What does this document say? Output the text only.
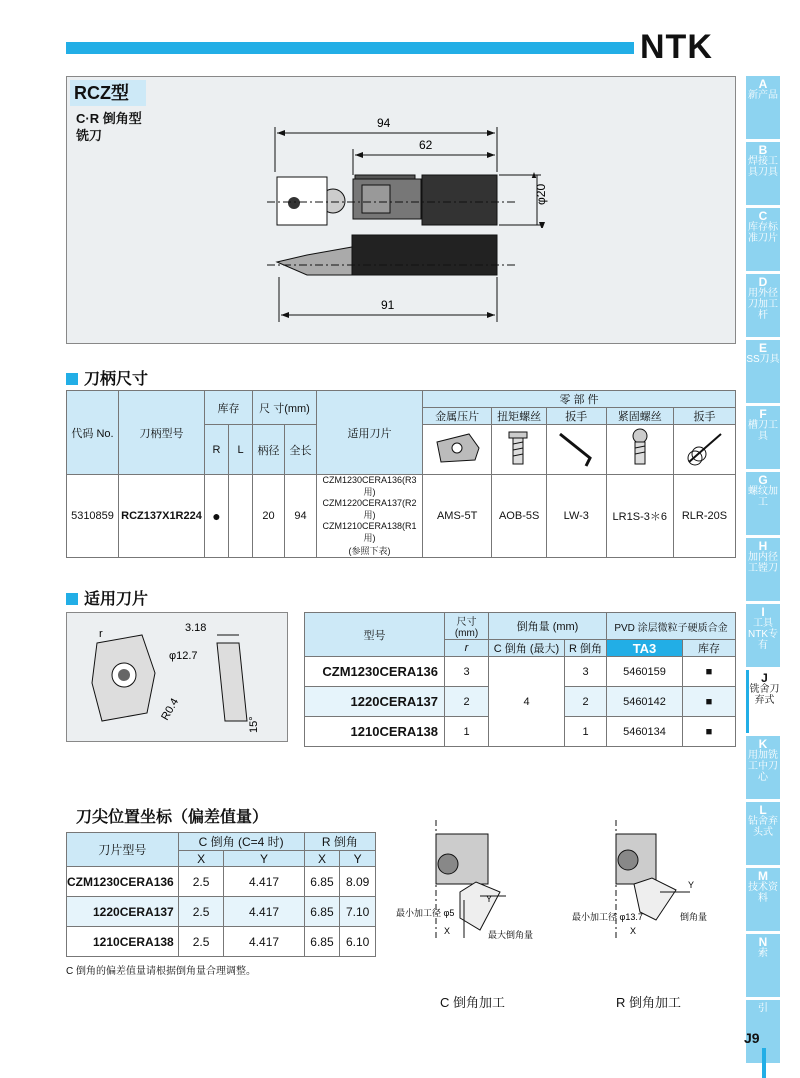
NTK
A
新产品
B
焊接工具刀具
C
库存标准刀片
D
用外径刀加工杆
E
SS刀具
F
槽刀工具
G
螺纹加工
H
加内径工镗刀
I
工具NTK专有
J
铣舍刀弃式
K
用加铣工中刀心
L
钻舍弃头式
M
技术资料
N
索
引
J9
94
62
φ20
91
RCZ型
C·R 倒角型
铣刀
刀柄尺寸
代码 No.	刀柄型号	库存		尺 寸(mm)		适用刀片	零 部 件				
							金属压片	扭矩螺丝	扳手	紧固螺丝	扳手
		R	L	柄径	全长					
5310859	RCZ137X1R224	●		20	94	CZM1230CERA136(R3用)
CZM1220CERA137(R2用)
CZM1210CERA138(R1用)
(参照下表)	AMS-5T	AOB-5S	LW-3	LR1S-3＊6	RLR-20S
适用刀片
3.18
φ12.7
R0.4
15°
r	型号	尺寸(mm)	倒角量 (mm)		PVD 涂层微粒子硬质合金	
	r	C 倒角 (最大)	R 倒角	TA3	库存
CZM1230CERA136	3	4	3	5460159	■
1220CERA137	2		2	5460142	■
1210CERA138	1		1	5460134	■
刀尖位置坐标（偏差值量）
刀片型号	C 倒角 (C=4 时)		R 倒角	
	X	Y	X	Y
CZM1230CERA136	2.5	4.417	6.85	8.09
1220CERA137	2.5	4.417	6.85	7.10
1210CERA138	2.5	4.417	6.85	6.10
C 倒角的偏差值量请根据倒角量合理调整。
Y
X
最小加工径 φ5
最大倒角量
Y
X
最小加工径 φ13.7	倒角量
C 倒角加工	R 倒角加工
